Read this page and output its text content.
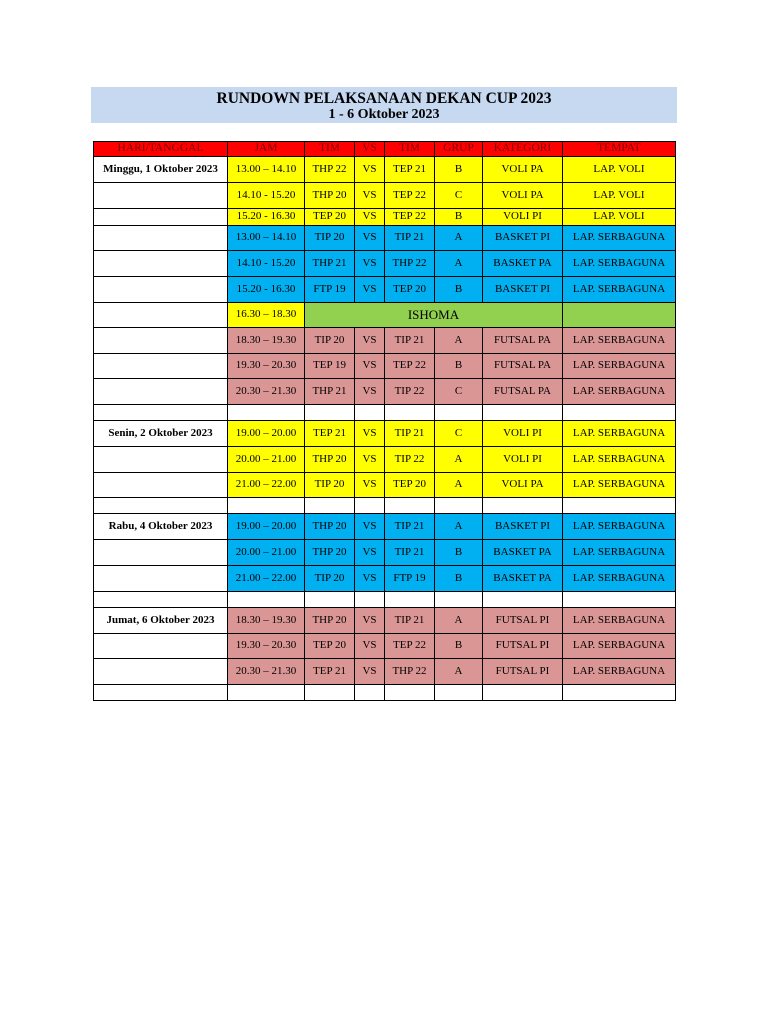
RUNDOWN PELAKSANAAN DEKAN CUP 2023
1 - 6 Oktober 2023
HARI/TANGGAL	JAM	TIM	VS	TIM	GRUP	KATEGORI	TEMPAT
Minggu, 1 Oktober 2023	13.00 – 14.10	THP 22	VS	TEP 21	B	VOLI PA	LAP. VOLI
	14.10 - 15.20	THP 20	VS	TEP 22	C	VOLI PA	LAP. VOLI
	15.20 - 16.30	TEP 20	VS	TEP 22	B	VOLI PI	LAP. VOLI
	13.00 – 14.10	TIP 20	VS	TIP 21	A	BASKET PI	LAP. SERBAGUNA
	14.10 - 15.20	THP 21	VS	THP 22	A	BASKET PA	LAP. SERBAGUNA
	15.20 - 16.30	FTP 19	VS	TEP 20	B	BASKET PI	LAP. SERBAGUNA
	16.30 – 18.30	ISHOMA					
	18.30 – 19.30	TIP 20	VS	TIP 21	A	FUTSAL PA	LAP. SERBAGUNA
	19.30 – 20.30	TEP 19	VS	TEP 22	B	FUTSAL PA	LAP. SERBAGUNA
	20.30 – 21.30	THP 21	VS	TIP 22	C	FUTSAL PA	LAP. SERBAGUNA

Senin, 2 Oktober 2023	19.00 – 20.00	TEP 21	VS	TIP 21	C	VOLI PI	LAP. SERBAGUNA
	20.00 – 21.00	THP 20	VS	TIP 22	A	VOLI PI	LAP. SERBAGUNA
	21.00 – 22.00	TIP 20	VS	TEP 20	A	VOLI PA	LAP. SERBAGUNA

Rabu, 4 Oktober 2023	19.00 – 20.00	THP 20	VS	TIP 21	A	BASKET PI	LAP. SERBAGUNA
	20.00 – 21.00	THP 20	VS	TIP 21	B	BASKET PA	LAP. SERBAGUNA
	21.00 – 22.00	TIP 20	VS	FTP 19	B	BASKET PA	LAP. SERBAGUNA

Jumat, 6 Oktober 2023	18.30 – 19.30	THP 20	VS	TIP 21	A	FUTSAL PI	LAP. SERBAGUNA
	19.30 – 20.30	TEP 20	VS	TEP 22	B	FUTSAL PI	LAP. SERBAGUNA
	20.30 – 21.30	TEP 21	VS	THP 22	A	FUTSAL PI	LAP. SERBAGUNA
